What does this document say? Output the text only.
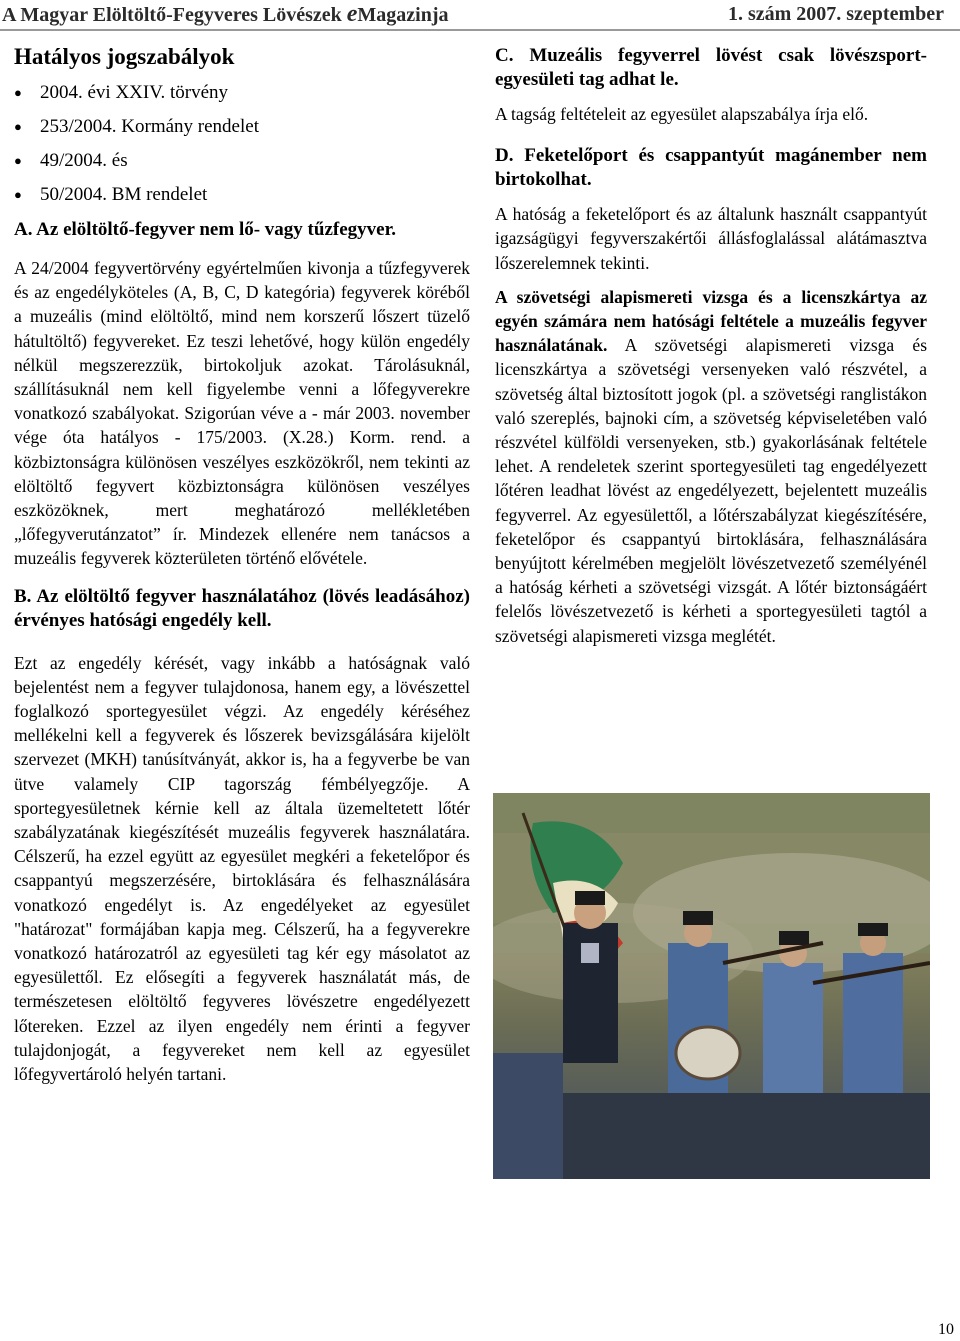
A Magyar Elöltöltő-Fegyveres Lövészek eMagazinja	1. szám 2007. szeptember
Hatályos jogszabályok
● 2004. évi XXIV. törvény
● 253/2004. Kormány rendelet
● 49/2004. és
● 50/2004. BM rendelet

A. Az elöltöltő-fegyver nem lő- vagy tűzfegyver.

A 24/2004 fegyvertörvény egyértelműen kivonja a tűzfegyverek és az engedélyköteles (A, B, C, D kategória) fegyverek köréből a muzeális (mind elöltöltő, mind nem korszerű lőszert tüzelő hátultöltő) fegyvereket. Ez teszi lehetővé, hogy külön engedély nélkül megszerezzük, birtokoljuk azokat. Tárolásuknál, szállításuknál nem kell figyelembe venni a lőfegyverekre vonatkozó szabályokat. Szigorúan véve a - már 2003. november vége óta hatályos - 175/2003. (X.28.) Korm. rend. a közbiztonságra különösen veszélyes eszközökről, nem tekinti az elöltöltő fegyvert közbiztonságra különösen veszélyes eszközöknek, mert meghatározó mellékletében „lőfegyverutánzatot” ír. Mindezek ellenére nem tanácsos a muzeális fegyverek közterületen történő elővétele.

B. Az elöltöltő fegyver használatához (lövés leadásához) érvényes hatósági engedély kell.

Ezt az engedély kérését, vagy inkább a hatóságnak való bejelentést nem a fegyver tulajdonosa, hanem egy, a lövészettel foglalkozó sportegyesület végzi. Az engedély kéréséhez mellékelni kell a fegyverek és lőszerek bevizsgálására kijelölt szervezet (MKH) tanúsítványát, akkor is, ha a fegyverbe be van ütve valamely CIP tagország fémbélyegzője. A sportegyesületnek kérnie kell az általa üzemeltetett lőtér szabályzatának kiegészítését muzeális fegyverek használatára. Célszerű, ha ezzel együtt az egyesület megkéri a feketelőpor és csappantyú megszerzésére, birtoklására és felhasználására vonatkozó engedélyt is. Az engedélyeket az egyesület "határozat" formájában kapja meg. Célszerű, ha a fegyverekre vonatkozó határozatról az egyesületi tag kér egy másolatot az egyesülettől. Ez elősegíti a fegyverek használatát más, de természetesen elöltöltő fegyveres lövészetre engedélyezett lőtereken. Ezzel az ilyen engedély nem érinti a fegyver tulajdonjogát, a fegyvereket nem kell az egyesület lőfegyvertároló helyén tartani.

C. Muzeális fegyverrel lövést csak lövészsport-egyesületi tag adhat le.

A tagság feltételeit az egyesület alapszabálya írja elő.

D. Feketelőport és csappantyút magánember nem birtokolhat.

A hatóság a feketelőport és az általunk használt csappantyút igazságügyi fegyverszakértői állásfoglalással alátámasztva lőszerelemnek tekinti.

A szövetségi alapismereti vizsga és a licenszkártya az egyén számára nem hatósági feltétele a muzeális fegyver használatának. A szövetségi alapismereti vizsga és licenszkártya a szövetségi versenyeken való részvétel, a szövetség által biztosított jogok (pl. a szövetségi ranglistákon való szereplés, bajnoki cím, a szövetség képviseletében való részvétel külföldi versenyeken, stb.) gyakorlásának feltétele lehet. A rendeletek szerint sportegyesületi tag engedélyezett lőtéren leadhat lövést az engedélyezett, bejelentett muzeális fegyverrel. Az egyesülettől, a lőtérszabályzat kiegészítésére, feketelőpor és csappantyú birtoklására, felhasználására benyújtott kérelmében megjelölt lövészetvezető személyénél a hatóság kérheti a szövetségi vizsgát. A lőtér biztonságáért felelős lövészetvezető is kérheti a sportegyesületi tagtól a szövetségi alapismereti vizsga meglétét.

10
